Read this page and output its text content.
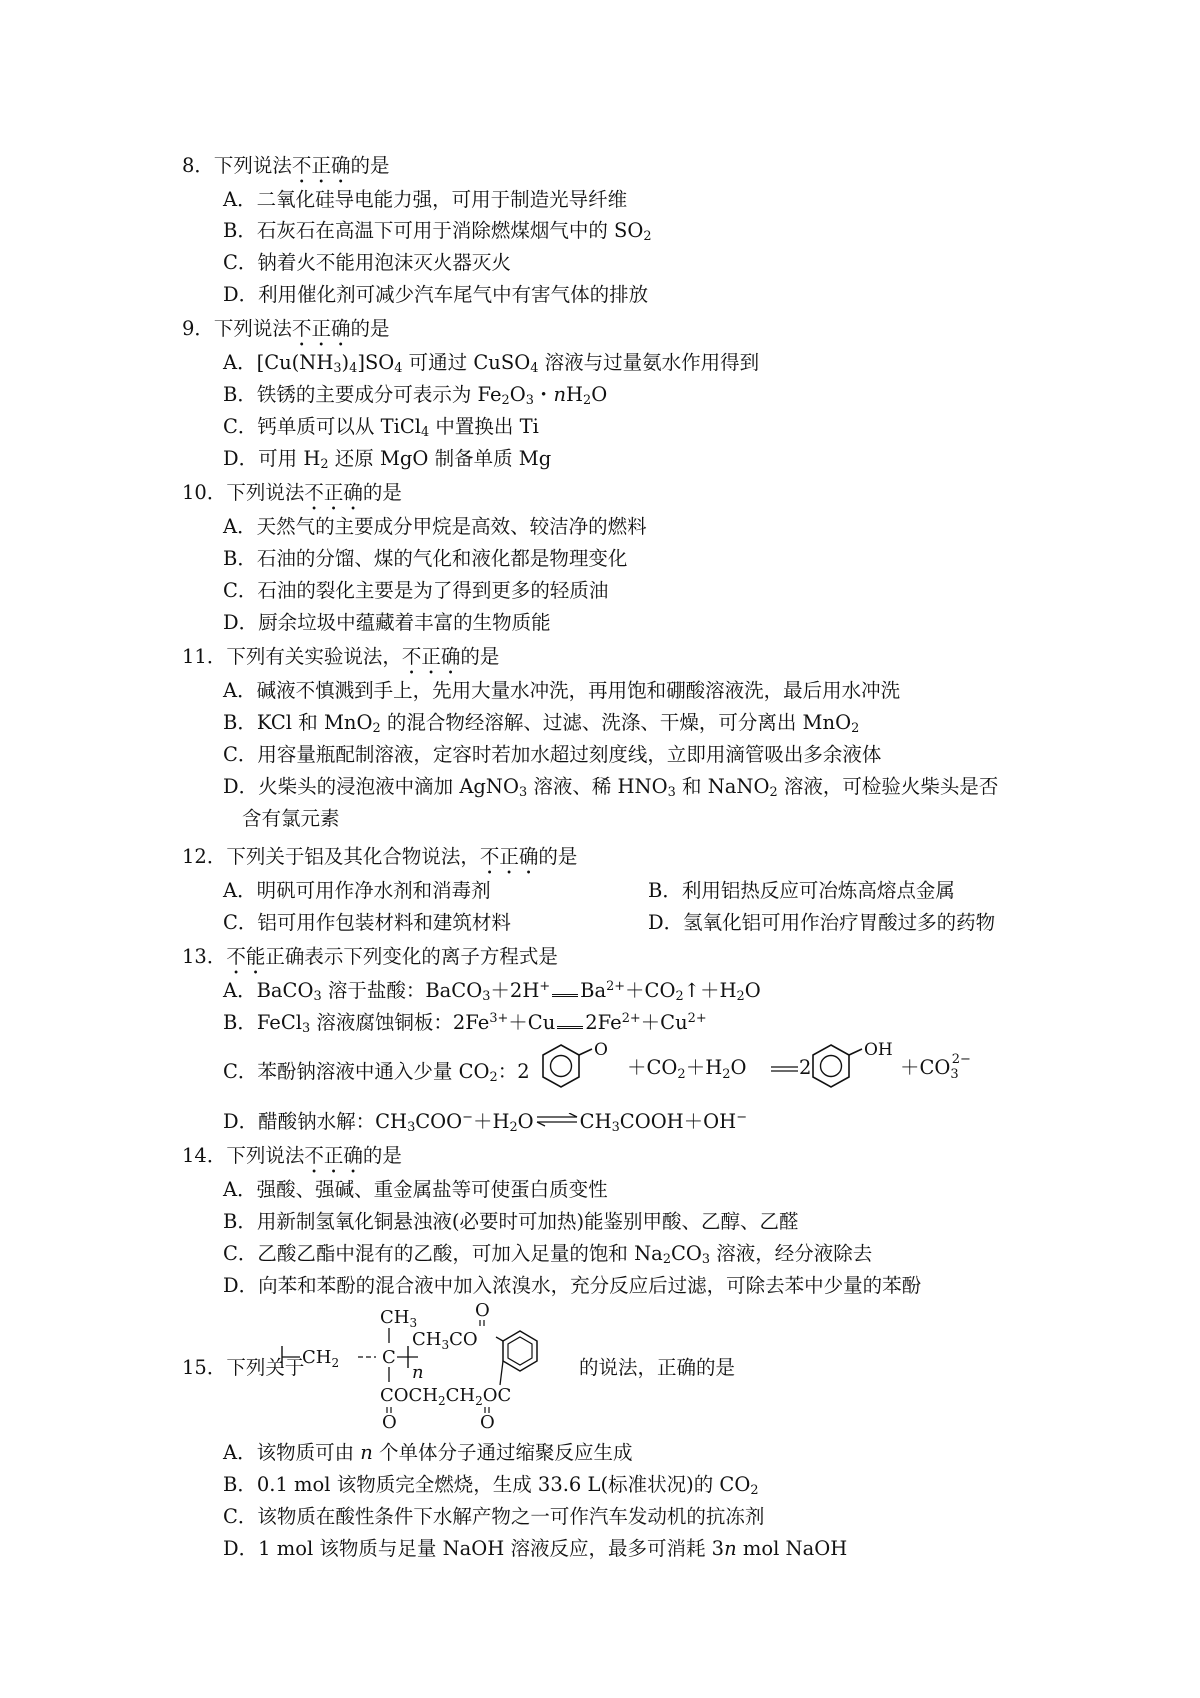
8．下列说法不正确的是
A．二氧化硅导电能力强，可用于制造光导纤维
B．石灰石在高温下可用于消除燃煤烟气中的 $SO_2$
C．钠着火不能用泡沫灭火器灭火
D．利用催化剂可减少汽车尾气中有害气体的排放
9．下列说法不正确的是
A．$[Cu(NH_3)_4]SO_4$ 可通过 CuSO$_4$ 溶液与过量氨水作用得到
B．铁锈的主要成分可表示为 $Fe_2O_3$・$nH_2O$
C．钙单质可以从 TiCl$_4$ 中置换出 Ti
D．可用 $H_2$ 还原 MgO 制备单质 Mg
10．下列说法不正确的是
A．天然气的主要成分甲烷是高效、较洁净的燃料
B．石油的分馏、煤的气化和液化都是物理变化
C．石油的裂化主要是为了得到更多的轻质油
D．厨余垃圾中蕴藏着丰富的生物质能
11．下列有关实验说法，不正确的是
A．碱液不慎溅到手上，先用大量水冲洗，再用饱和硼酸溶液洗，最后用水冲洗
B．KCl 和 MnO$_2$ 的混合物经溶解、过滤、洗涤、干燥，可分离出 MnO$_2$
C．用容量瓶配制溶液，定容时若加水超过刻度线，立即用滴管吸出多余液体
D．火柴头的浸泡液中滴加 AgNO$_3$ 溶液、稀 $HNO_3$ 和 NaNO$_2$ 溶液，可检验火柴头是否
含有氯元素
12．下列关于铝及其化合物说法，不正确的是
A．明矾可用作净水剂和消毒剂	B．利用铝热反应可冶炼高熔点金属
C．铝可用作包装材料和建筑材料	D．氢氧化铝可用作治疗胃酸过多的药物
13．不能正确表示下列变化的离子方程式是
A．BaCO$_3$ 溶于盐酸：BaCO$_3$＋2H+ $Ba^{2+}+CO_2↑+H_2O$
B．FeCl$_3$ 溶液腐蚀铜板：$2Fe^{3+}+Cu$ $2Fe^{2+}+Cu^{2+}$
C．苯酚钠溶液中通入少量 $CO_2$：2
O
$+CO_2+H_2O$	2
OH
$+CO_32-$
D．醋酸钠水解：$CH_3COO^-+H_2O\rightleftharpoons CH_3COOH+OH^-$
14．下列说法不正确的是
A．强酸、强碱、重金属盐等可使蛋白质变性
B．用新制氢氧化铜悬浊液(必要时可加热)能鉴别甲酸、乙醇、乙醛
C．乙酸乙酯中混有的乙酸，可加入足量的饱和 $Na_2CO_3$ 溶液，经分液除去
D．向苯和苯酚的混合液中加入浓溴水，充分反应后过滤，可除去苯中少量的苯酚
15．下列关于	的说法，正确的是
$CH_3$
$CH_2$ C
n
$COCH_2CH_2OC$
O	O
O
$CH_3CO$
A．该物质可由 n 个单体分子通过缩聚反应生成
B．0.1 mol 该物质完全燃烧，生成 33.6 L(标准状况)的 $CO_2$
C．该物质在酸性条件下水解产物之一可作汽车发动机的抗冻剂
D．1 mol 该物质与足量 NaOH 溶液反应，最多可消耗 3n mol NaOH
